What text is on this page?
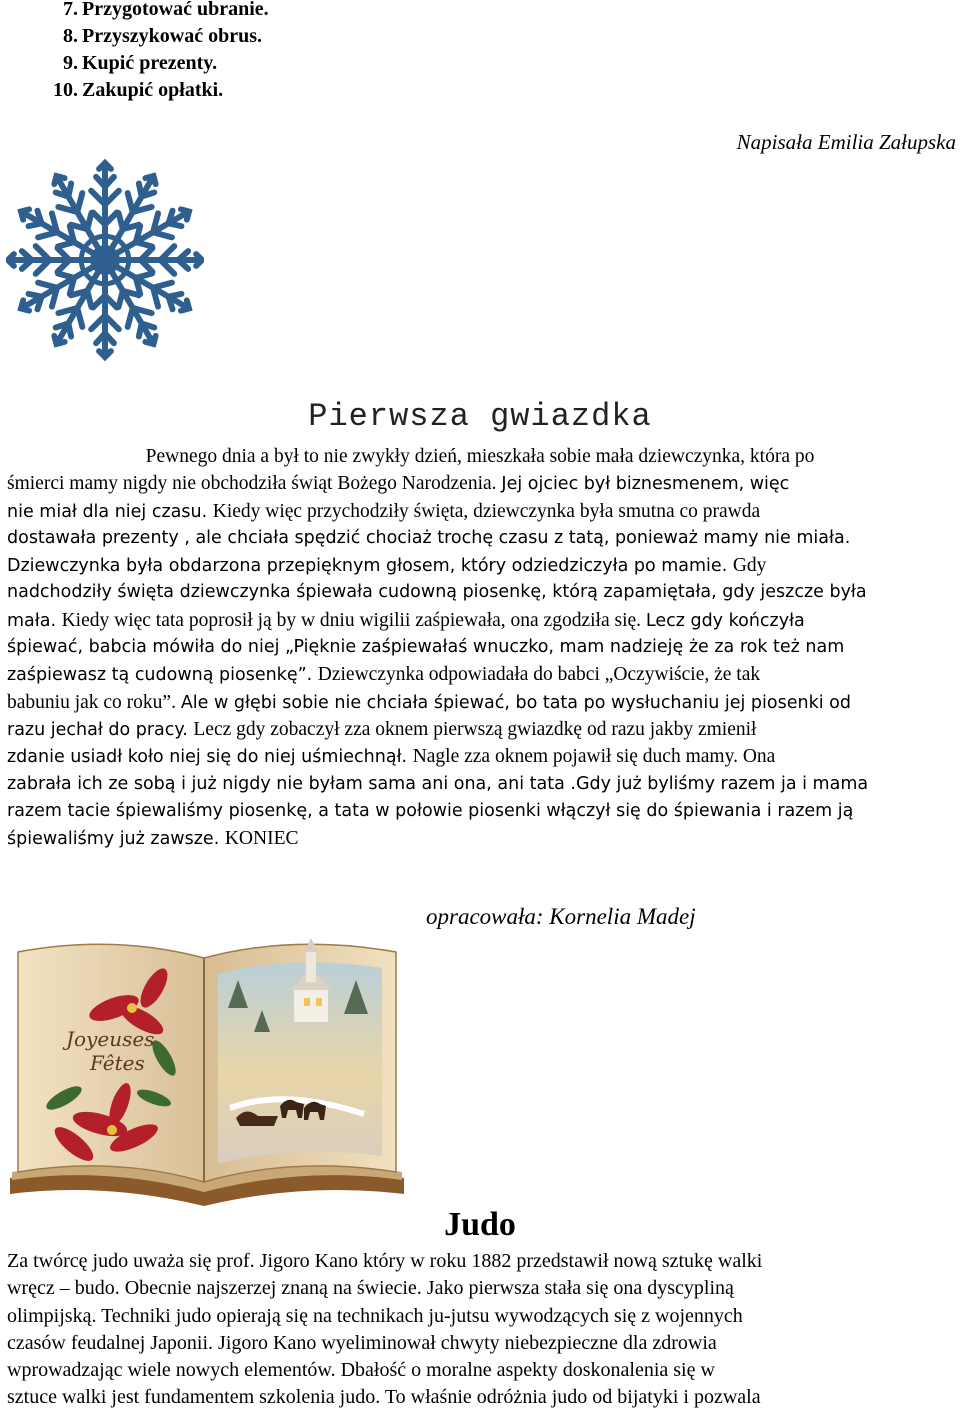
7. Przygotować ubranie.
8. Przyszykować obrus.
9. Kupić prezenty.
10. Zakupić opłatki.
Napisała Emilia Załupska
Pierwsza gwiazdka
Pewnego dnia a był to nie zwykły dzień, mieszkała sobie mała dziewczynka, która po
śmierci mamy nigdy nie obchodziła świąt Bożego Narodzenia. Jej ojciec był biznesmenem, więc
nie miał dla niej czasu. Kiedy więc przychodziły święta, dziewczynka była smutna co prawda
dostawała prezenty , ale chciała spędzić chociaż trochę czasu z tatą, ponieważ mamy nie miała.
Dziewczynka była obdarzona przepięknym głosem, który odziedziczyła po mamie. Gdy
nadchodziły święta dziewczynka śpiewała cudowną piosenkę, którą zapamiętała, gdy jeszcze była
mała. Kiedy więc tata poprosił ją by w dniu wigilii zaśpiewała, ona zgodziła się. Lecz gdy kończyła
śpiewać, babcia mówiła do niej „Pięknie zaśpiewałaś wnuczko, mam nadzieję że za rok też nam
zaśpiewasz tą cudowną piosenkę”. Dziewczynka odpowiadała do babci „Oczywiście, że tak
babuniu jak co roku”. Ale w głębi sobie nie chciała śpiewać, bo tata po wysłuchaniu jej piosenki od
razu jechał do pracy. Lecz gdy zobaczył zza oknem pierwszą gwiazdkę od razu jakby zmienił
zdanie usiadł koło niej się do niej uśmiechnął. Nagle zza oknem pojawił się duch mamy. Ona
zabrała ich ze sobą i już nigdy nie byłam sama ani ona, ani tata .Gdy już byliśmy razem ja i mama
razem tacie śpiewaliśmy piosenkę, a tata w połowie piosenki włączył się do śpiewania i razem ją
śpiewaliśmy już zawsze. KONIEC
opracowała: Kornelia Madej
Joyeuses
Fêtes
Judo
Za twórcę judo uważa się prof. Jigoro Kano który w roku 1882 przedstawił nową sztukę walki
wręcz – budo. Obecnie najszerzej znaną na świecie. Jako pierwsza stała się ona dyscypliną
olimpijską. Techniki judo opierają się na technikach ju-jutsu wywodzących się z wojennych
czasów feudalnej Japonii. Jigoro Kano wyeliminował chwyty niebezpieczne dla zdrowia
wprowadzając wiele nowych elementów. Dbałość o moralne aspekty doskonalenia się w
sztuce walki jest fundamentem szkolenia judo. To właśnie odróżnia judo od bijatyki i pozwala
